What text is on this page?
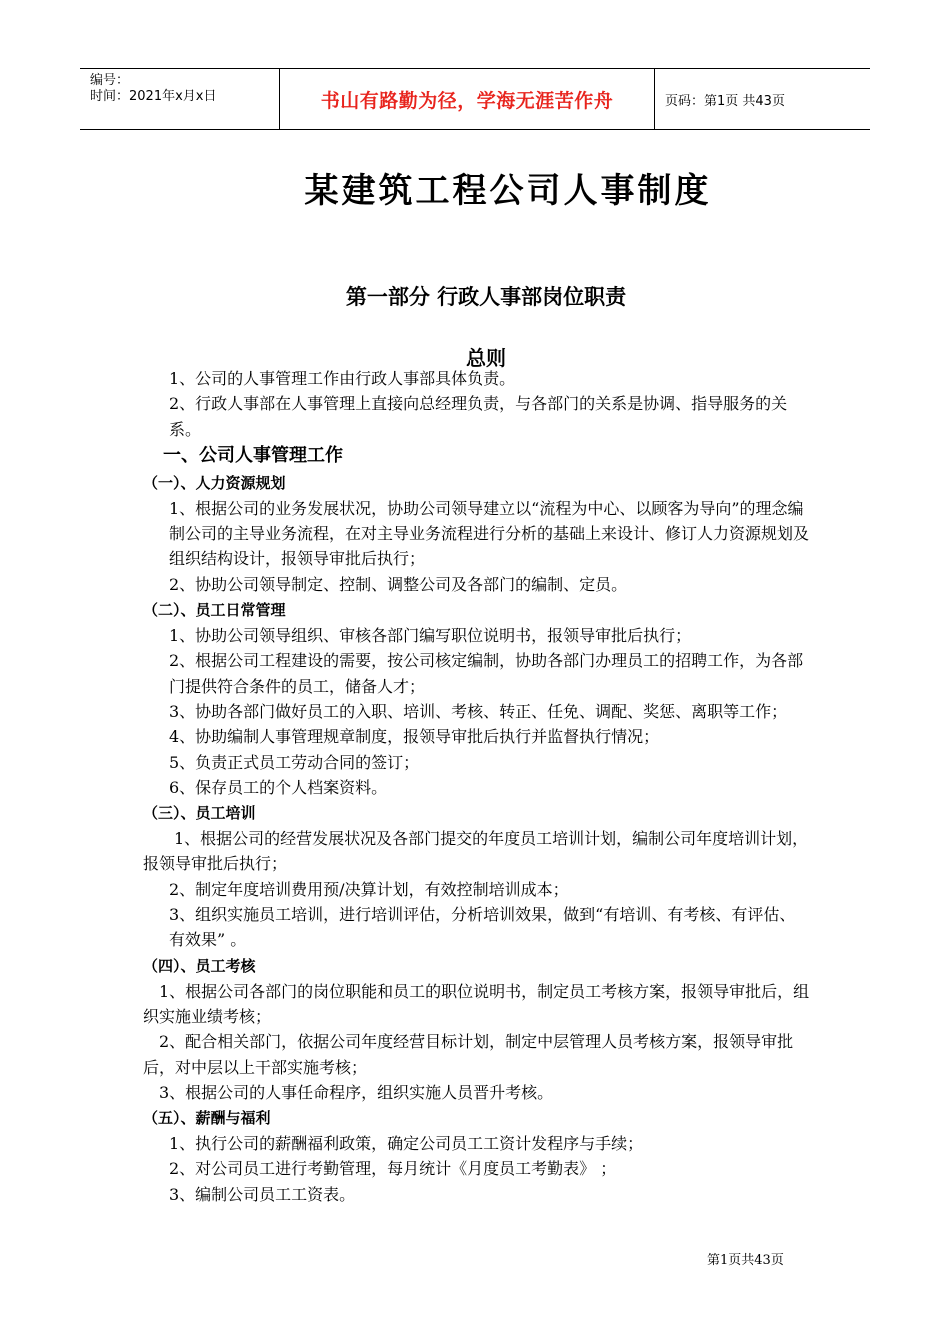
编号：
时间：2021年x月x日	书山有路勤为径，学海无涯苦作舟	页码：第1页 共43页
某建筑工程公司人事制度
第一部分 行政人事部岗位职责
总则

1、公司的人事管理工作由行政人事部具体负责。

2、行政人事部在人事管理上直接向总经理负责，与各部门的关系是协调、指导服务的关系。

一、公司人事管理工作

（一）、人力资源规划

1、根据公司的业务发展状况，协助公司领导建立以“流程为中心、以顾客为导向”的理念编制公司的主导业务流程，在对主导业务流程进行分析的基础上来设计、修订人力资源规划及组织结构设计，报领导审批后执行；

2、协助公司领导制定、控制、调整公司及各部门的编制、定员。

（二）、员工日常管理

1、协助公司领导组织、审核各部门编写职位说明书，报领导审批后执行；

2、根据公司工程建设的需要，按公司核定编制，协助各部门办理员工的招聘工作，为各部门提供符合条件的员工，储备人才；

3、协助各部门做好员工的入职、培训、考核、转正、任免、调配、奖惩、离职等工作；

4、协助编制人事管理规章制度，报领导审批后执行并监督执行情况；

5、负责正式员工劳动合同的签订；

6、保存员工的个人档案资料。

（三）、员工培训

1、根据公司的经营发展状况及各部门提交的年度员工培训计划，编制公司年度培训计划，报领导审批后执行；

2、制定年度培训费用预/决算计划，有效控制培训成本；

3、组织实施员工培训，进行培训评估，分析培训效果，做到“有培训、有考核、有评估、有效果” 。

（四）、员工考核

1、根据公司各部门的岗位职能和员工的职位说明书，制定员工考核方案，报领导审批后，组织实施业绩考核；

2、配合相关部门，依据公司年度经营目标计划，制定中层管理人员考核方案，报领导审批后，对中层以上干部实施考核；

3、根据公司的人事任命程序，组织实施人员晋升考核。

（五）、薪酬与福利

1、执行公司的薪酬福利政策，确定公司员工工资计发程序与手续；

2、对公司员工进行考勤管理，每月统计《月度员工考勤表》 ；

3、编制公司员工工资表。

第1页共43页
